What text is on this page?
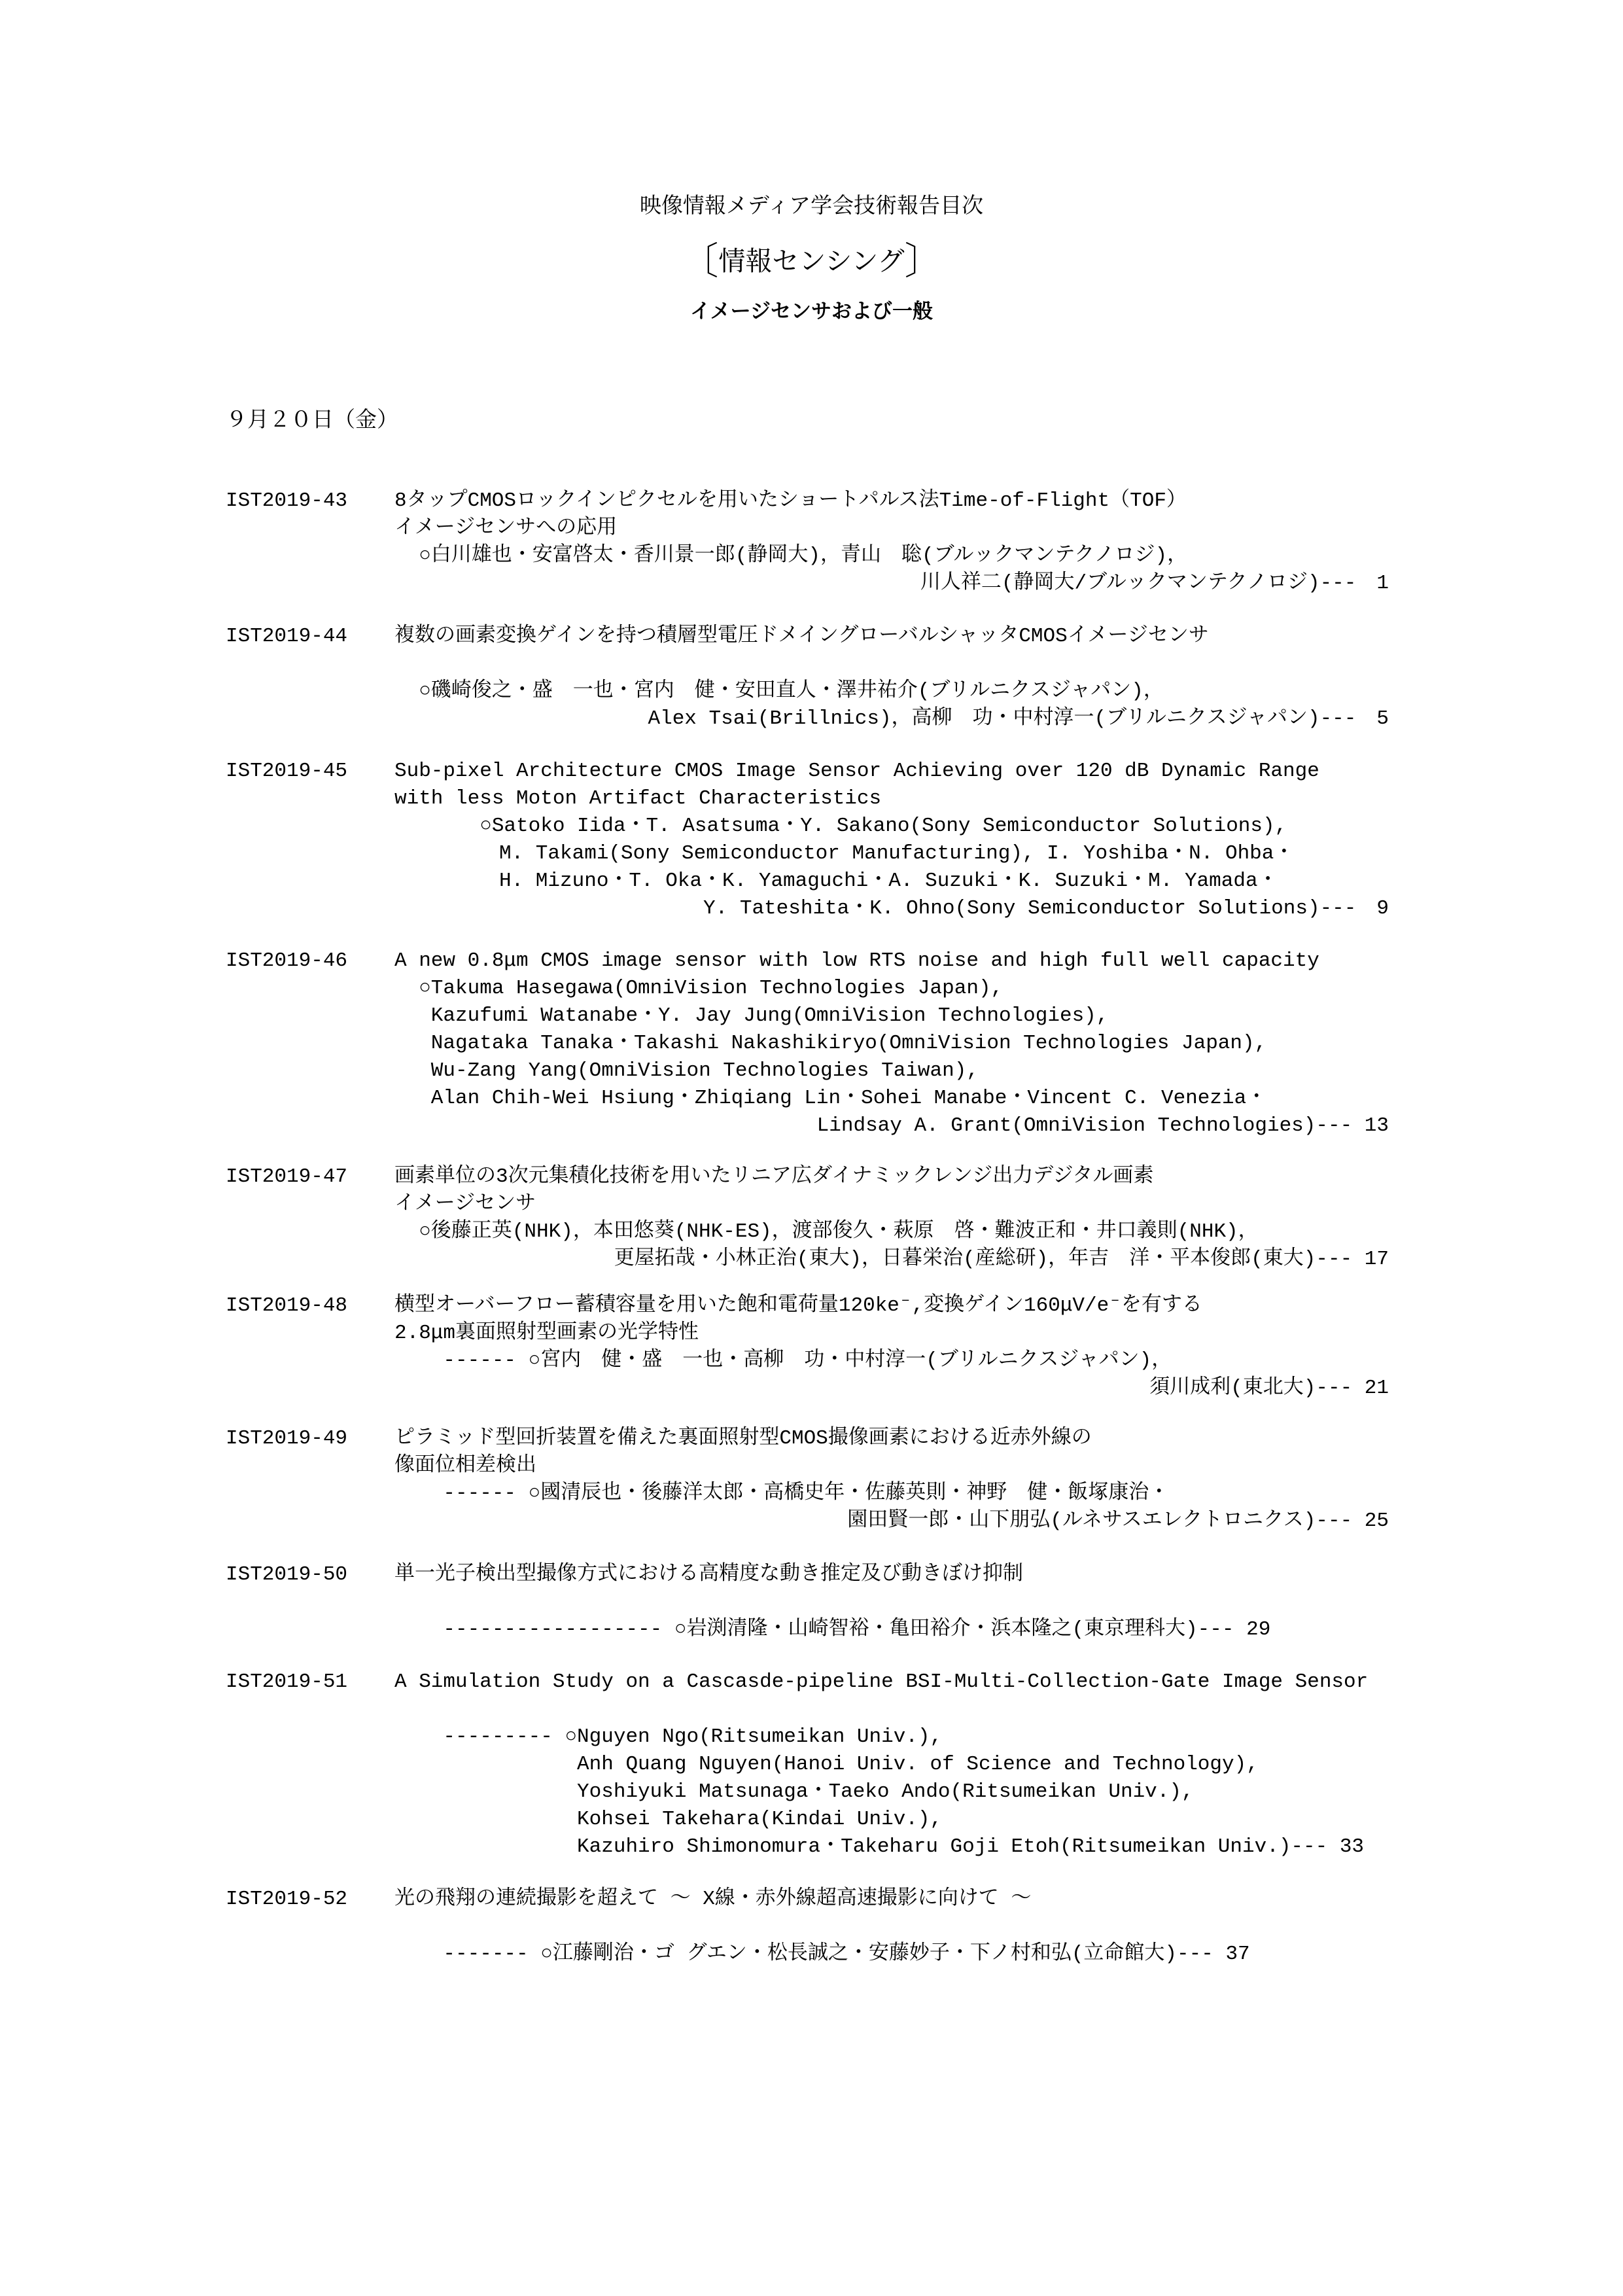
映像情報メディア学会技術報告目次
〔情報センシング〕
イメージセンサおよび一般
９月２０日（金）
IST2019-43 8タップCMOSロックインピクセルを用いたショートパルス法Time-of-Flight（TOF）
イメージセンサへの応用
○白川雄也・安富啓太・香川景一郎(静岡大)，青山　聡(ブルックマンテクノロジ)，
川人祥二(静岡大/ブルックマンテクノロジ)---　1
IST2019-44 複数の画素変換ゲインを持つ積層型電圧ドメイングローバルシャッタCMOSイメージセンサ
○磯崎俊之・盛　一也・宮内　健・安田直人・澤井祐介(ブリルニクスジャパン)，
Alex Tsai(Brillnics)，高柳　功・中村淳一(ブリルニクスジャパン)---　5
IST2019-45 Sub-pixel Architecture CMOS Image Sensor Achieving over 120 dB Dynamic Range
with less Moton Artifact Characteristics
○Satoko Iida・T. Asatsuma・Y. Sakano(Sony Semiconductor Solutions),
M. Takami(Sony Semiconductor Manufacturing), I. Yoshiba・N. Ohba・
H. Mizuno・T. Oka・K. Yamaguchi・A. Suzuki・K. Suzuki・M. Yamada・
Y. Tateshita・K. Ohno(Sony Semiconductor Solutions)---　9
IST2019-46 A new 0.8μm CMOS image sensor with low RTS noise and high full well capacity
○Takuma Hasegawa(OmniVision Technologies Japan),
Kazufumi Watanabe・Y. Jay Jung(OmniVision Technologies),
Nagataka Tanaka・Takashi Nakashikiryo(OmniVision Technologies Japan),
Wu-Zang Yang(OmniVision Technologies Taiwan),
Alan Chih-Wei Hsiung・Zhiqiang Lin・Sohei Manabe・Vincent C. Venezia・
Lindsay A. Grant(OmniVision Technologies)--- 13
IST2019-47 画素単位の3次元集積化技術を用いたリニア広ダイナミックレンジ出力デジタル画素
イメージセンサ
○後藤正英(NHK)，本田悠葵(NHK-ES)，渡部俊久・萩原　啓・難波正和・井口義則(NHK)，
更屋拓哉・小林正治(東大)，日暮栄治(産総研)，年吉　洋・平本俊郎(東大)--- 17
IST2019-48 横型オーバーフロー蓄積容量を用いた飽和電荷量120ke⁻,変換ゲイン160μV/e⁻を有する
2.8μm裏面照射型画素の光学特性
------ ○宮内　健・盛　一也・高柳　功・中村淳一(ブリルニクスジャパン)，
須川成利(東北大)--- 21
IST2019-49 ピラミッド型回折装置を備えた裏面照射型CMOS撮像画素における近赤外線の
像面位相差検出
------ ○國清辰也・後藤洋太郎・高橋史年・佐藤英則・神野　健・飯塚康治・
園田賢一郎・山下朋弘(ルネサスエレクトロニクス)--- 25
IST2019-50 単一光子検出型撮像方式における高精度な動き推定及び動きぼけ抑制
------------------ ○岩渕清隆・山崎智裕・亀田裕介・浜本隆之(東京理科大)--- 29
IST2019-51 A Simulation Study on a Cascasde-pipeline BSI-Multi-Collection-Gate Image Sensor
--------- ○Nguyen Ngo(Ritsumeikan Univ.),
Anh Quang Nguyen(Hanoi Univ. of Science and Technology),
Yoshiyuki Matsunaga・Taeko Ando(Ritsumeikan Univ.),
Kohsei Takehara(Kindai Univ.),
Kazuhiro Shimonomura・Takeharu Goji Etoh(Ritsumeikan Univ.)--- 33
IST2019-52 光の飛翔の連続撮影を超えて ～ X線・赤外線超高速撮影に向けて ～
------- ○江藤剛治・ゴ グエン・松長誠之・安藤妙子・下ノ村和弘(立命館大)--- 37
